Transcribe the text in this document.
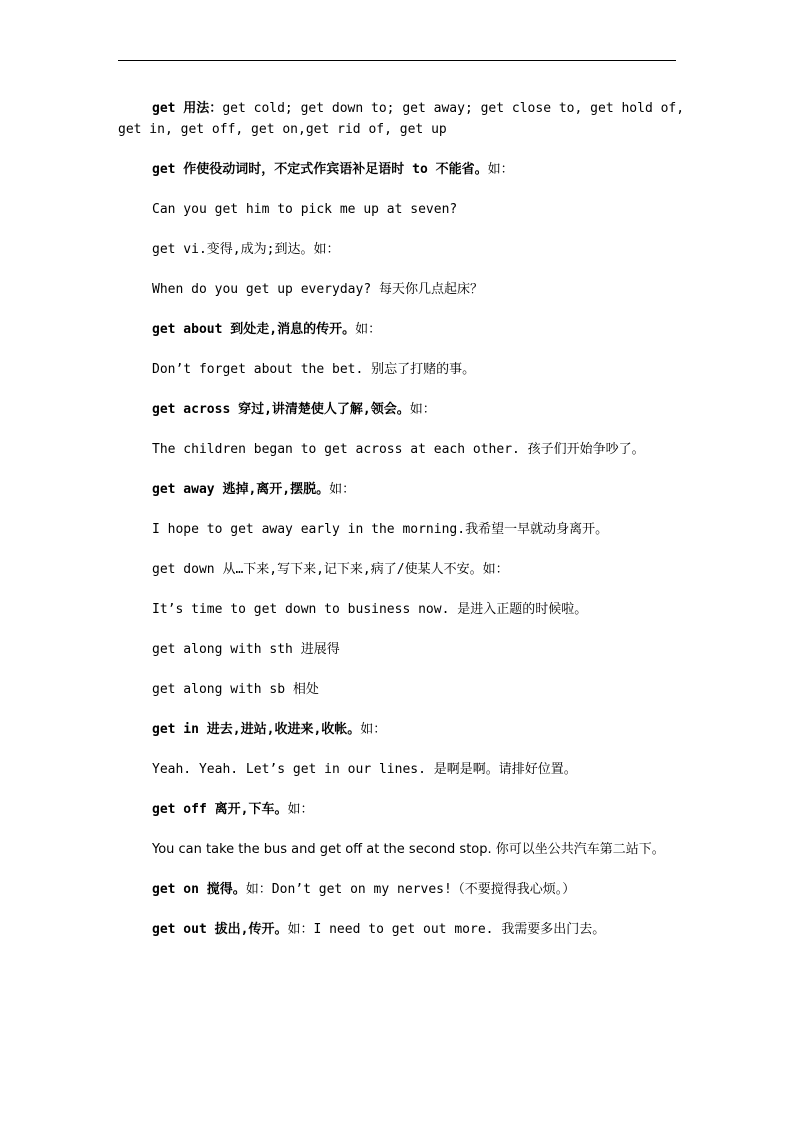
get 用法：get cold; get down to; get away; get close to, get hold of, get in, get off, get on,get rid of, get up

get 作使役动词时，不定式作宾语补足语时 to 不能省。如：

Can you get him to pick me up at seven?

get vi.变得,成为;到达。如：

When do you get up everyday? 每天你几点起床？

get about 到处走,消息的传开。如：

Don’t forget about the bet. 别忘了打赌的事。

get across 穿过,讲清楚使人了解,领会。如：

The children began to get across at each other. 孩子们开始争吵了。

get away 逃掉,离开,摆脱。如：

I hope to get away early in the morning.我希望一早就动身离开。

get down 从…下来,写下来,记下来,病了/使某人不安。如：

It’s time to get down to business now. 是进入正题的时候啦。

get along with sth 进展得

get along with sb 相处

get in 进去,进站,收进来,收帐。如：

Yeah. Yeah. Let’s get in our lines. 是啊是啊。请排好位置。

get off 离开,下车。如：

You can take the bus and get off at the second stop. 你可以坐公共汽车第二站下。

get on 搅得。如：Don’t get on my nerves!（不要搅得我心烦。）

get out 拔出,传开。如：I need to get out more. 我需要多出门去。
